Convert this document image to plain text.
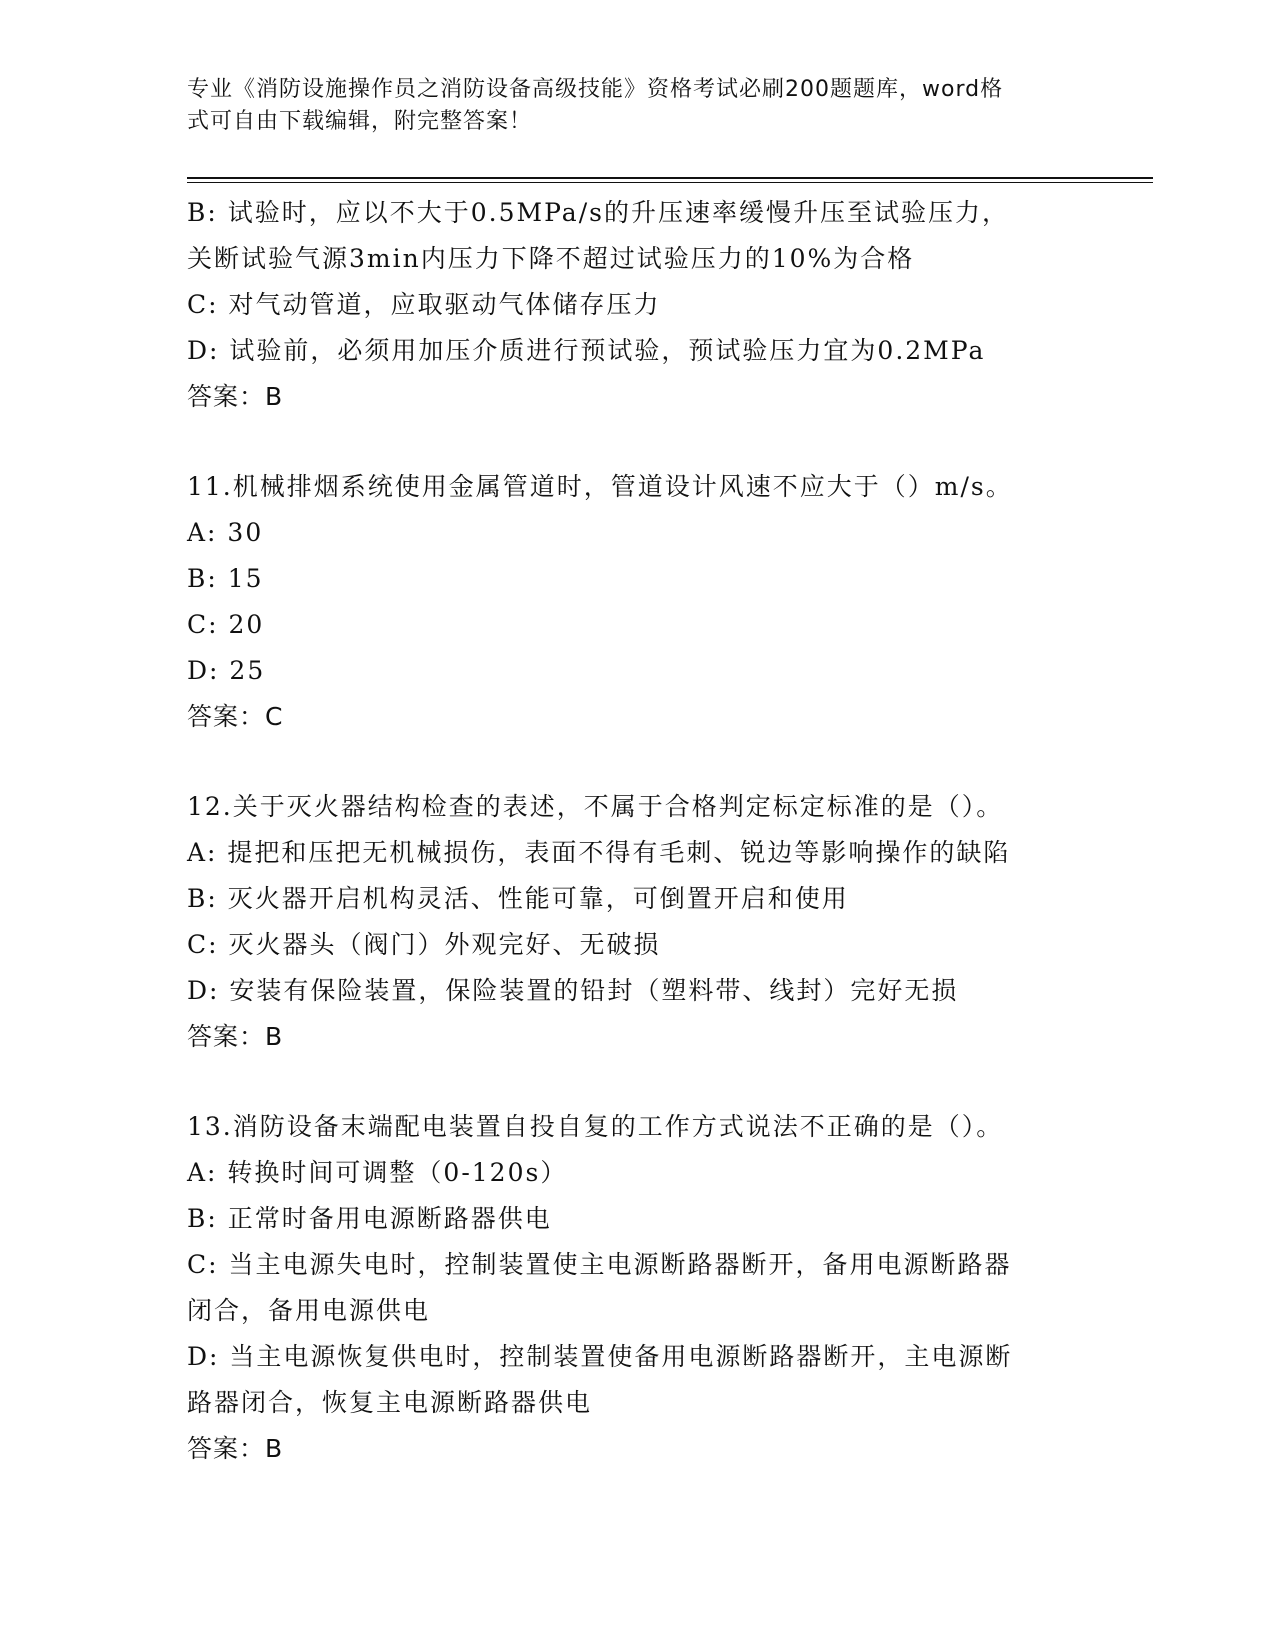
专业《消防设施操作员之消防设备高级技能》资格考试必刷200题题库，word格
式可自由下载编辑，附完整答案！
B: 试验时，应以不大于0.5MPa/s的升压速率缓慢升压至试验压力，
关断试验气源3min内压力下降不超过试验压力的10%为合格
C: 对气动管道，应取驱动气体储存压力
D: 试验前，必须用加压介质进行预试验，预试验压力宜为0.2MPa
答案：B
11.机械排烟系统使用金属管道时，管道设计风速不应大于（）m/s。
A: 30
B: 15
C: 20
D: 25
答案：C
12.关于灭火器结构检查的表述，不属于合格判定标定标准的是（）。
A: 提把和压把无机械损伤，表面不得有毛刺、锐边等影响操作的缺陷
B: 灭火器开启机构灵活、性能可靠，可倒置开启和使用
C: 灭火器头（阀门）外观完好、无破损
D: 安装有保险装置，保险装置的铅封（塑料带、线封）完好无损
答案：B
13.消防设备末端配电装置自投自复的工作方式说法不正确的是（）。
A: 转换时间可调整（0-120s）
B: 正常时备用电源断路器供电
C: 当主电源失电时，控制装置使主电源断路器断开，备用电源断路器
闭合，备用电源供电
D: 当主电源恢复供电时，控制装置使备用电源断路器断开，主电源断
路器闭合，恢复主电源断路器供电
答案：B
